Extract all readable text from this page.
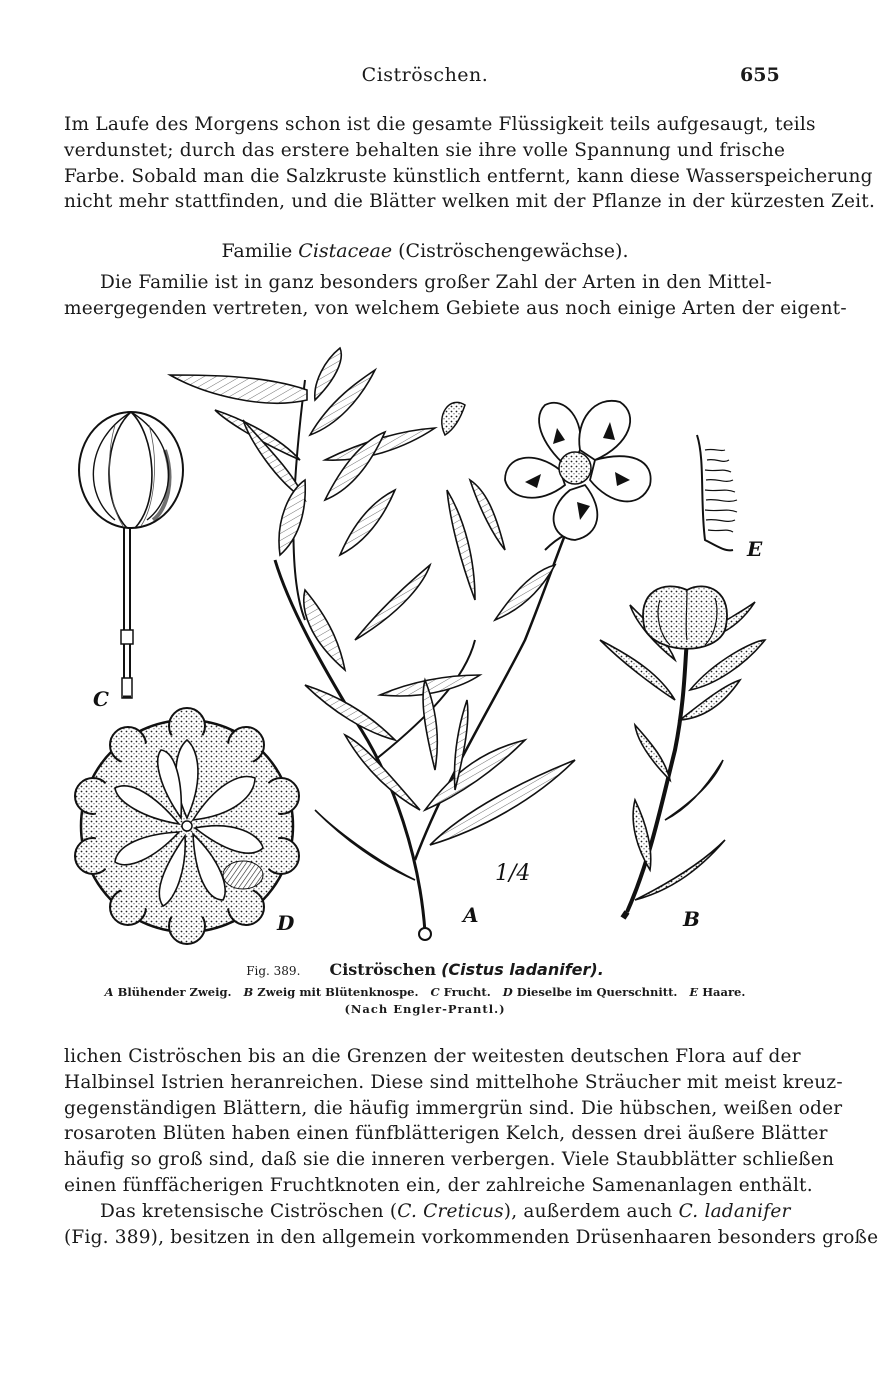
Ciströschen.	655
Im Laufe des Morgens schon ist die gesamte Flüssigkeit teils aufgesaugt, teils
verdunstet; durch das erstere behalten sie ihre volle Spannung und frische
Farbe. Sobald man die Salzkruste künstlich entfernt, kann diese Wasserspeicherung
nicht mehr stattfinden, und die Blätter welken mit der Pflanze in der kürzesten Zeit.
Familie Cistaceae (Ciströschengewächse).
Die Familie ist in ganz besonders großer Zahl der Arten in den Mittel-
meergegenden vertreten, von welchem Gebiete aus noch einige Arten der eigent-
C
D	A
1/4
E
B
Fig. 389. Ciströschen (Cistus ladanifer).
A Blühender Zweig. B Zweig mit Blütenknospe. C Frucht. D Dieselbe im Querschnitt. E Haare.
(Nach Engler-Prantl.)
lichen Ciströschen bis an die Grenzen der weitesten deutschen Flora auf der
Halbinsel Istrien heranreichen. Diese sind mittelhohe Sträucher mit meist kreuz-
gegenständigen Blättern, die häufig immergrün sind. Die hübschen, weißen oder
rosaroten Blüten haben einen fünfblätterigen Kelch, dessen drei äußere Blätter
häufig so groß sind, daß sie die inneren verbergen. Viele Staubblätter schließen
einen fünffächerigen Fruchtknoten ein, der zahlreiche Samenanlagen enthält.
Das kretensische Ciströschen (C. Creticus), außerdem auch C. ladanifer
(Fig. 389), besitzen in den allgemein vorkommenden Drüsenhaaren besonders große
